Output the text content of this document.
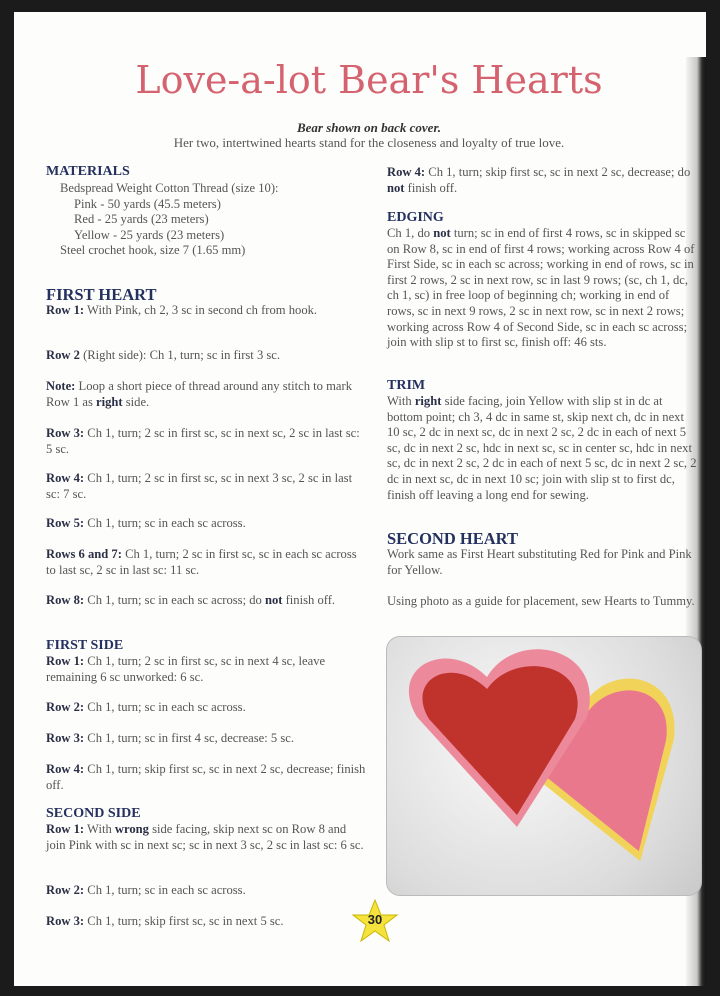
Love-a-lot Bear's Hearts
Bear shown on back cover.
Her two, intertwined hearts stand for the closeness and loyalty of true love.
MATERIALS
Bedspread Weight Cotton Thread (size 10):
Pink - 50 yards (45.5 meters)
Red - 25 yards (23 meters)
Yellow - 25 yards (23 meters)
Steel crochet hook, size 7 (1.65 mm)
FIRST HEART
Row 1: With Pink, ch 2, 3 sc in second ch from hook.
Row 2 (Right side): Ch 1, turn; sc in first 3 sc.
Note: Loop a short piece of thread around any stitch to mark Row 1 as right side.
Row 3: Ch 1, turn; 2 sc in first sc, sc in next sc, 2 sc in last sc: 5 sc.
Row 4: Ch 1, turn; 2 sc in first sc, sc in next 3 sc, 2 sc in last sc: 7 sc.
Row 5: Ch 1, turn; sc in each sc across.
Rows 6 and 7: Ch 1, turn; 2 sc in first sc, sc in each sc across to last sc, 2 sc in last sc: 11 sc.
Row 8: Ch 1, turn; sc in each sc across; do not finish off.
FIRST SIDE
Row 1: Ch 1, turn; 2 sc in first sc, sc in next 4 sc, leave remaining 6 sc unworked: 6 sc.
Row 2: Ch 1, turn; sc in each sc across.
Row 3: Ch 1, turn; sc in first 4 sc, decrease: 5 sc.
Row 4: Ch 1, turn; skip first sc, sc in next 2 sc, decrease; finish off.
SECOND SIDE
Row 1: With wrong side facing, skip next sc on Row 8 and join Pink with sc in next sc; sc in next 3 sc, 2 sc in last sc: 6 sc.
Row 2: Ch 1, turn; sc in each sc across.
Row 3: Ch 1, turn; skip first sc, sc in next 5 sc.
Row 4: Ch 1, turn; skip first sc, sc in next 2 sc, decrease; do not finish off.
EDGING
Ch 1, do not turn; sc in end of first 4 rows, sc in skipped sc on Row 8, sc in end of first 4 rows; working across Row 4 of First Side, sc in each sc across; working in end of rows, sc in first 2 rows, 2 sc in next row, sc in last 9 rows; (sc, ch 1, dc, ch 1, sc) in free loop of beginning ch; working in end of rows, sc in next 9 rows, 2 sc in next row, sc in next 2 rows; working across Row 4 of Second Side, sc in each sc across; join with slip st to first sc, finish off: 46 sts.
TRIM
With right side facing, join Yellow with slip st in dc at bottom point; ch 3, 4 dc in same st, skip next ch, dc in next 10 sc, 2 dc in next sc, dc in next 2 sc, 2 dc in each of next 5 sc, dc in next 2 sc, hdc in next sc, sc in center sc, hdc in next sc, dc in next 2 sc, 2 dc in each of next 5 sc, dc in next 2 sc, 2 dc in next sc, dc in next 10 sc; join with slip st to first dc, finish off leaving a long end for sewing.
SECOND HEART
Work same as First Heart substituting Red for Pink and Pink for Yellow.
Using photo as a guide for placement, sew Hearts to Tummy.
30
